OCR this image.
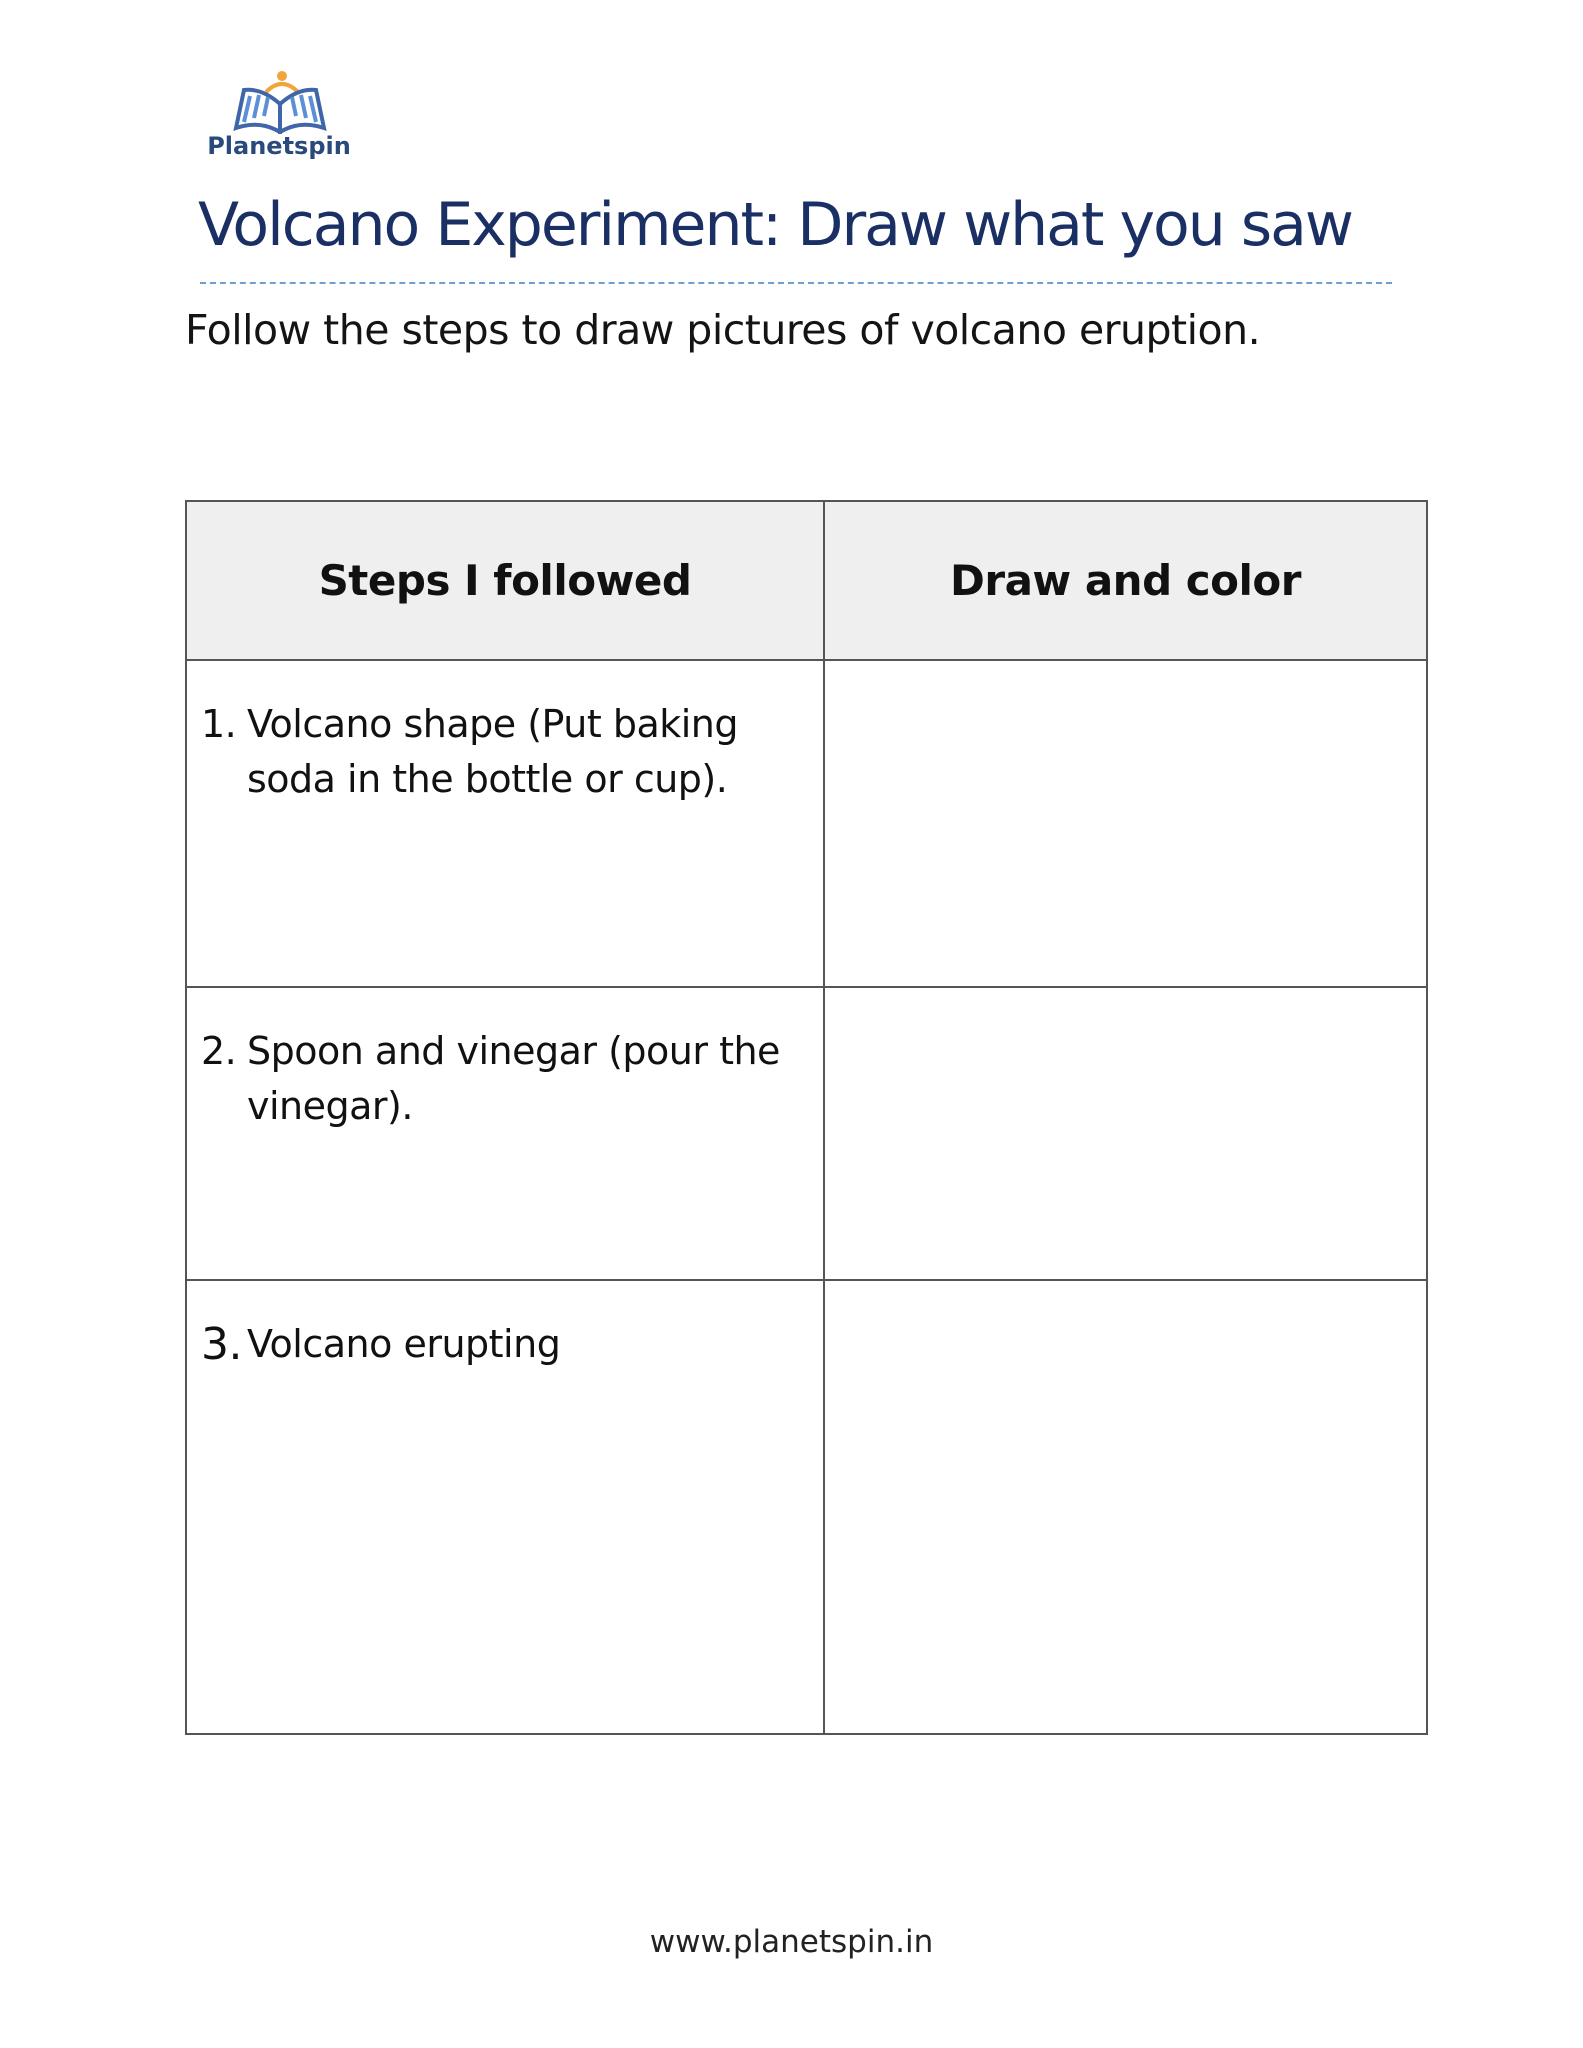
Planetspin
Volcano Experiment: Draw what you saw
Follow the steps to draw pictures of volcano eruption.
Steps I followed	Draw and color

1. Volcano shape (Put baking soda in the bottle or cup).	

2. Spoon and vinegar (pour the vinegar).	

3. Volcano erupting	

www.planetspin.in
